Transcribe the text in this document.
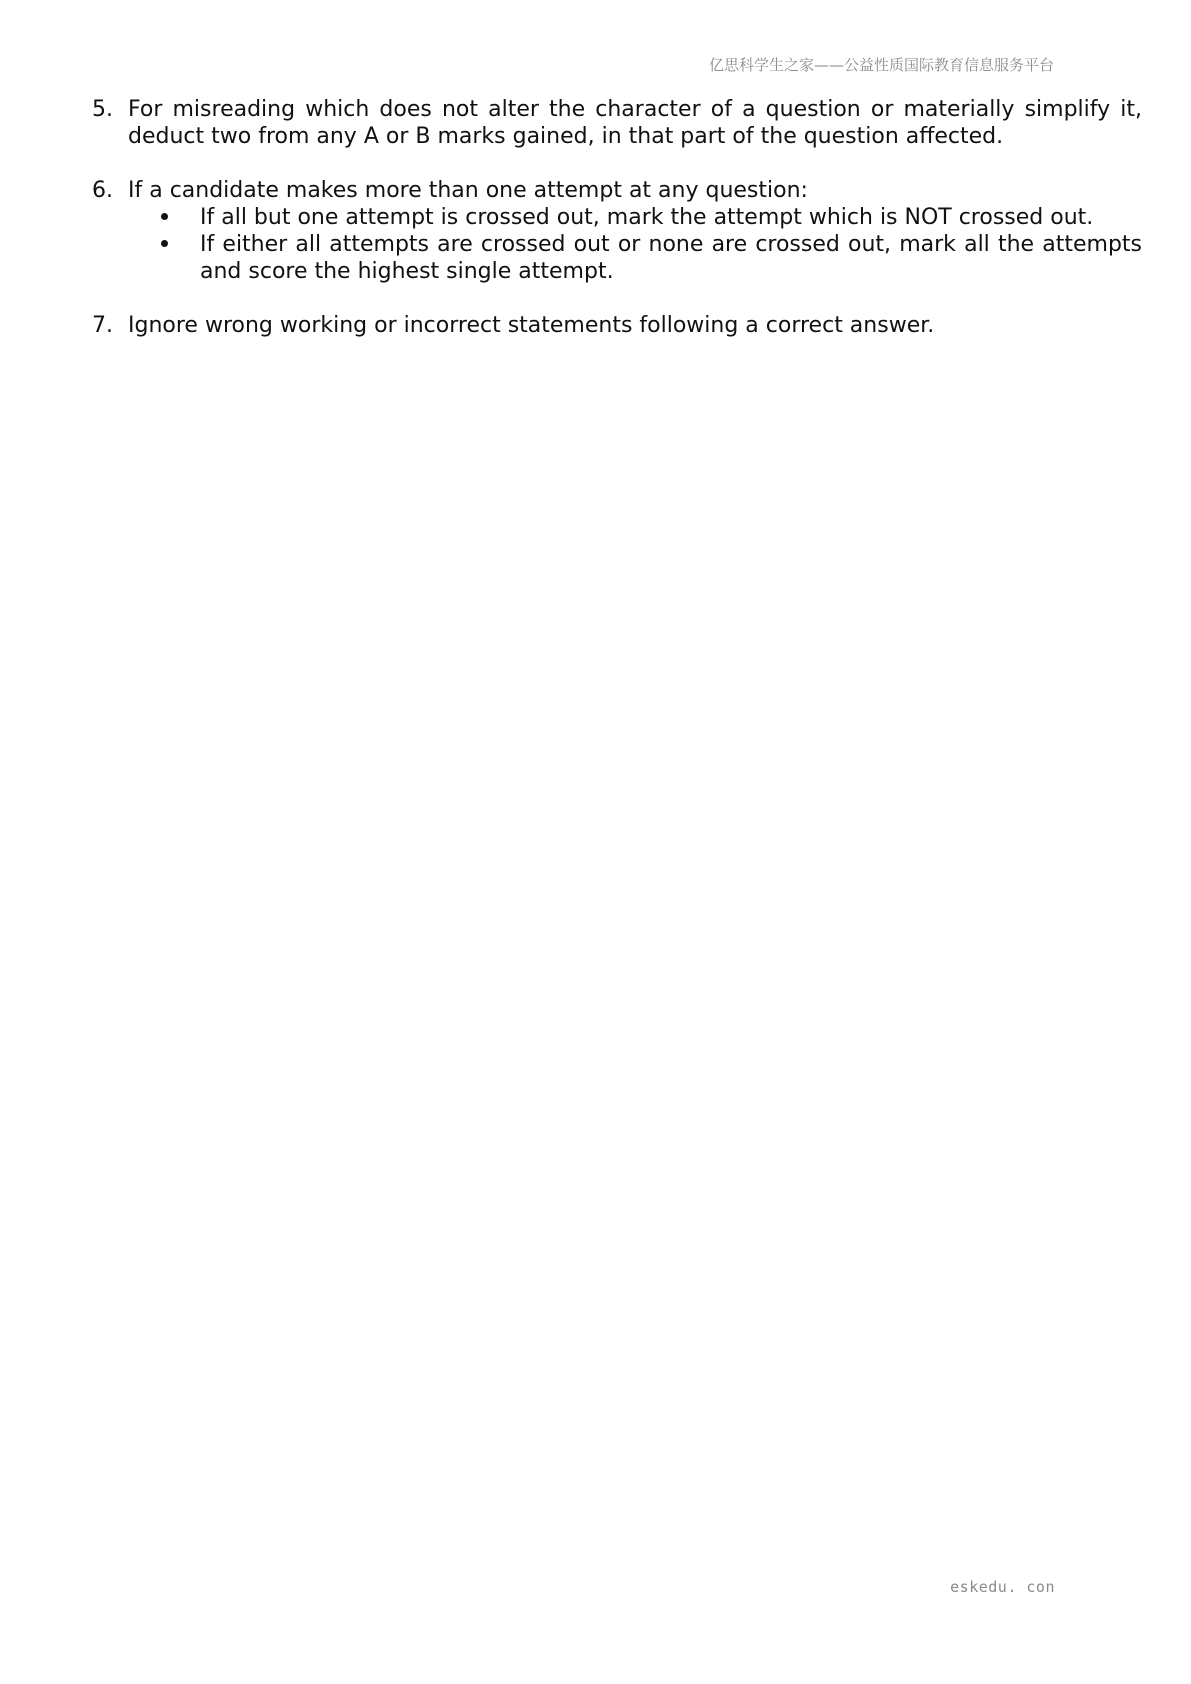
亿思科学生之家——公益性质国际教育信息服务平台
5. For misreading which does not alter the character of a question or materially simplify it, deduct two from any A or B marks gained, in that part of the question affected.
6. If a candidate makes more than one attempt at any question:
If all but one attempt is crossed out, mark the attempt which is NOT crossed out.
If either all attempts are crossed out or none are crossed out, mark all the attempts and score the highest single attempt.
7. Ignore wrong working or incorrect statements following a correct answer.
eskedu. con
